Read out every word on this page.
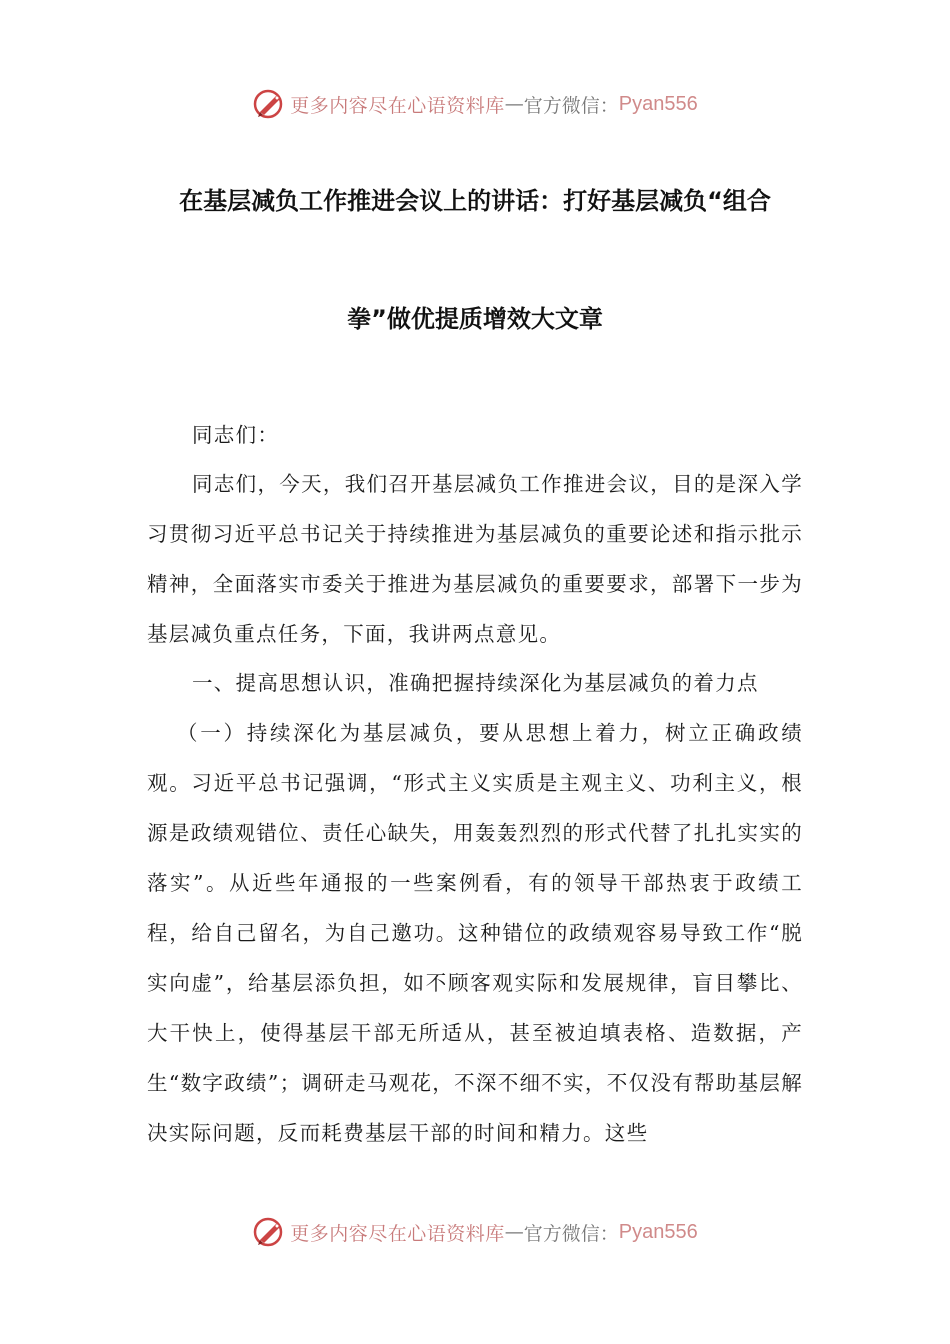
更多内容尽在心语资料库 — 官方微信： Pyan556
在基层减负工作推进会议上的讲话：打好基层减负“组合
拳”做优提质增效大文章

同志们：

同志们，今天，我们召开基层减负工作推进会议，目的是深入学习贯彻习近平总书记关于持续推进为基层减负的重要论述和指示批示精神，全面落实市委关于推进为基层减负的重要要求，部署下一步为基层减负重点任务，下面，我讲两点意见。

一、提高思想认识，准确把握持续深化为基层减负的着力点

（一）持续深化为基层减负，要从思想上着力，树立正确政绩观。习近平总书记强调，“形式主义实质是主观主义、功利主义，根源是政绩观错位、责任心缺失，用轰轰烈烈的形式代替了扎扎实实的落实”。从近些年通报的一些案例看，有的领导干部热衷于政绩工程，给自己留名，为自己邀功。这种错位的政绩观容易导致工作“脱实向虚”，给基层添负担，如不顾客观实际和发展规律，盲目攀比、大干快上，使得基层干部无所适从，甚至被迫填表格、造数据，产生“数字政绩”；调研走马观花，不深不细不实，不仅没有帮助基层解决实际问题，反而耗费基层干部的时间和精力。这些

更多内容尽在心语资料库 — 官方微信： Pyan556
